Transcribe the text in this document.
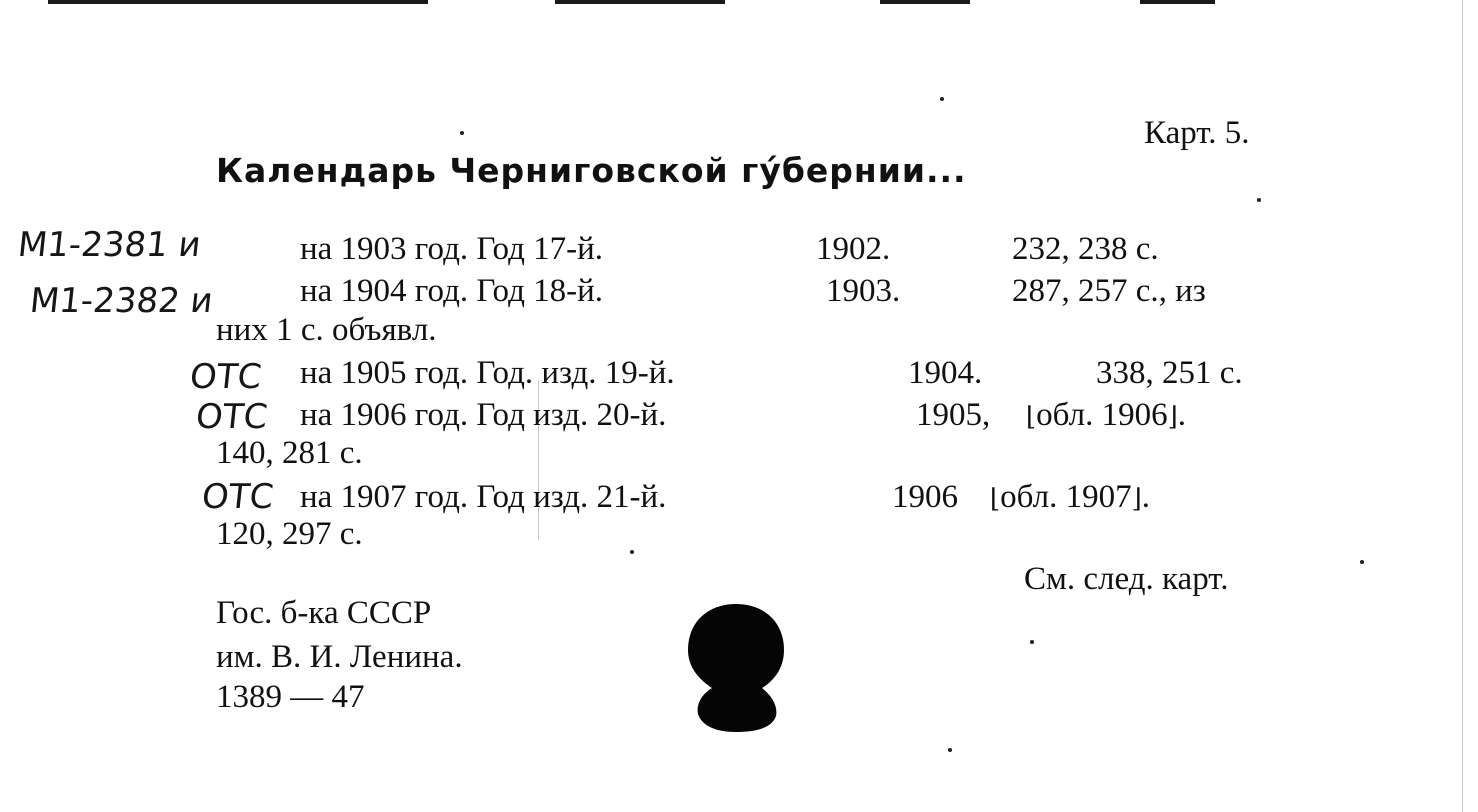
Карт. 5.
Календарь Черниговской гу́бернии...
М1-2381 и	на 1903 год. Год 17-й.	1902.	232, 238 с.
М1-2382 и	на 1904 год. Год 18-й.	1903.	287, 257 с., из
них 1 с. объявл.
ОТС на 1905 год. Год. изд. 19-й.	1904.	338, 251 с.
ОТС на 1906 год. Год изд. 20-й.	1905, ⌊обл. 1906⌋.
140, 281 с.
ОТС на 1907 год. Год изд. 21-й.	1906 ⌊обл. 1907⌋.
120, 297 с.
См. след. карт.
Гос. б-ка СССР
им. В. И. Ленина.
1389 — 47
